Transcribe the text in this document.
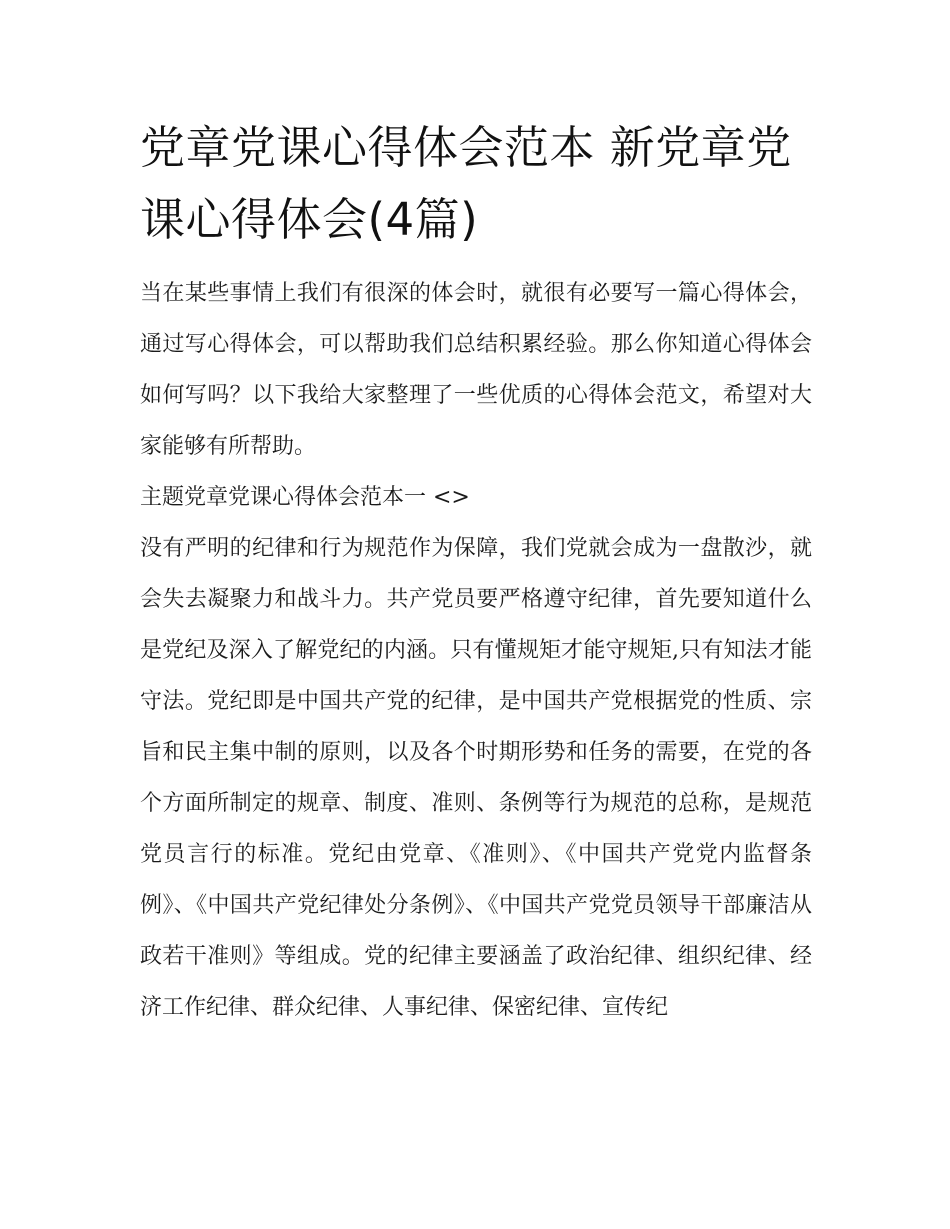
党章党课心得体会范本 新党章党课心得体会(4篇)

当在某些事情上我们有很深的体会时，就很有必要写一篇心得体会，通过写心得体会，可以帮助我们总结积累经验。那么你知道心得体会如何写吗？以下我给大家整理了一些优质的心得体会范文，希望对大家能够有所帮助。

主题党章党课心得体会范本一 <>

没有严明的纪律和行为规范作为保障，我们党就会成为一盘散沙，就会失去凝聚力和战斗力。共产党员要严格遵守纪律，首先要知道什么是党纪及深入了解党纪的内涵。只有懂规矩才能守规矩,只有知法才能守法。党纪即是中国共产党的纪律，是中国共产党根据党的性质、宗旨和民主集中制的原则，以及各个时期形势和任务的需要，在党的各个方面所制定的规章、制度、准则、条例等行为规范的总称，是规范党员言行的标准。党纪由党章、《准则》、《中国共产党党内监督条例》、《中国共产党纪律处分条例》、《中国共产党党员领导干部廉洁从政若干准则》等组成。党的纪律主要涵盖了政治纪律、组织纪律、经济工作纪律、群众纪律、人事纪律、保密纪律、宣传纪
